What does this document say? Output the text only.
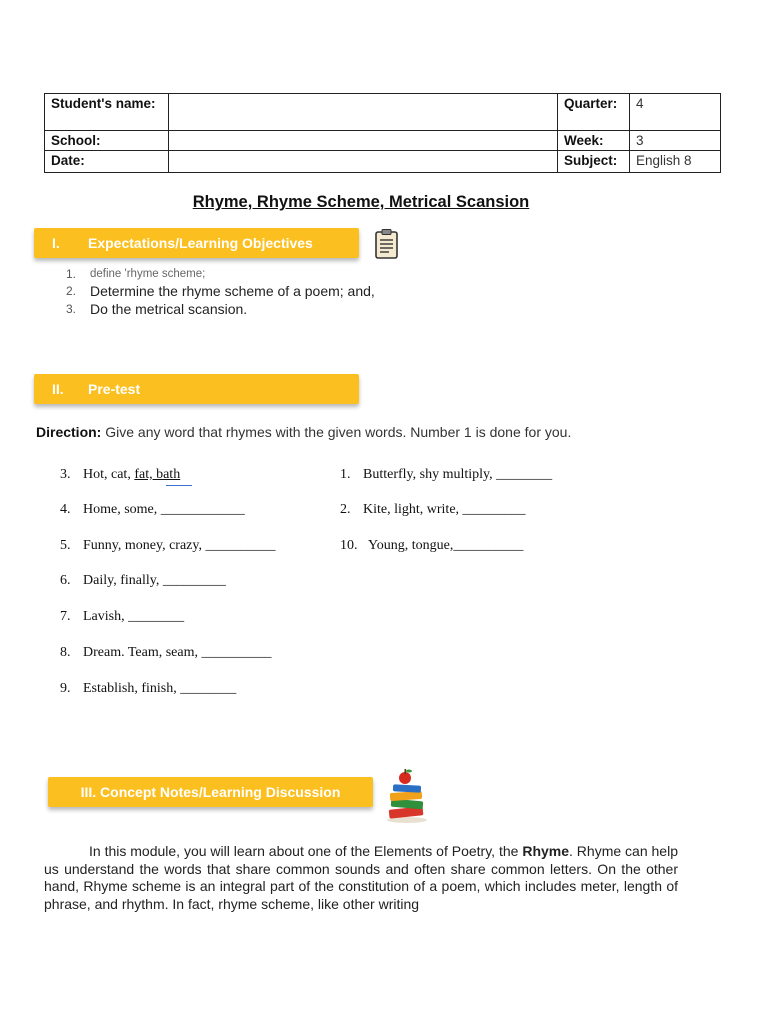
Student's name:		Quarter:	4
School:		Week:	3
Date:		Subject:	English 8
Rhyme, Rhyme Scheme, Metrical Scansion
I.	Expectations/Learning Objectives
1.	define 'rhyme scheme;
2. Determine the rhyme scheme of a poem; and,
3. Do the metrical scansion.
II.	Pre-test
Direction: Give any word that rhymes with the given words. Number 1 is done for you.
3. Hot, cat, fat, bath
4. Home, some, ____________
5. Funny, money, crazy, __________
6. Daily, finally, _________
7. Lavish, ________
8. Dream. Team, seam, __________
9. Establish, finish, ________
1. Butterfly, shy multiply, ________
2. Kite, light, write, _________
10. Young, tongue,__________
III. Concept Notes/Learning Discussion
In this module, you will learn about one of the Elements of Poetry, the Rhyme. Rhyme can help us understand the words that share common sounds and often share common letters. On the other hand, Rhyme scheme is an integral part of the constitution of a poem, which includes meter, length of phrase, and rhythm. In fact, rhyme scheme, like other writing
